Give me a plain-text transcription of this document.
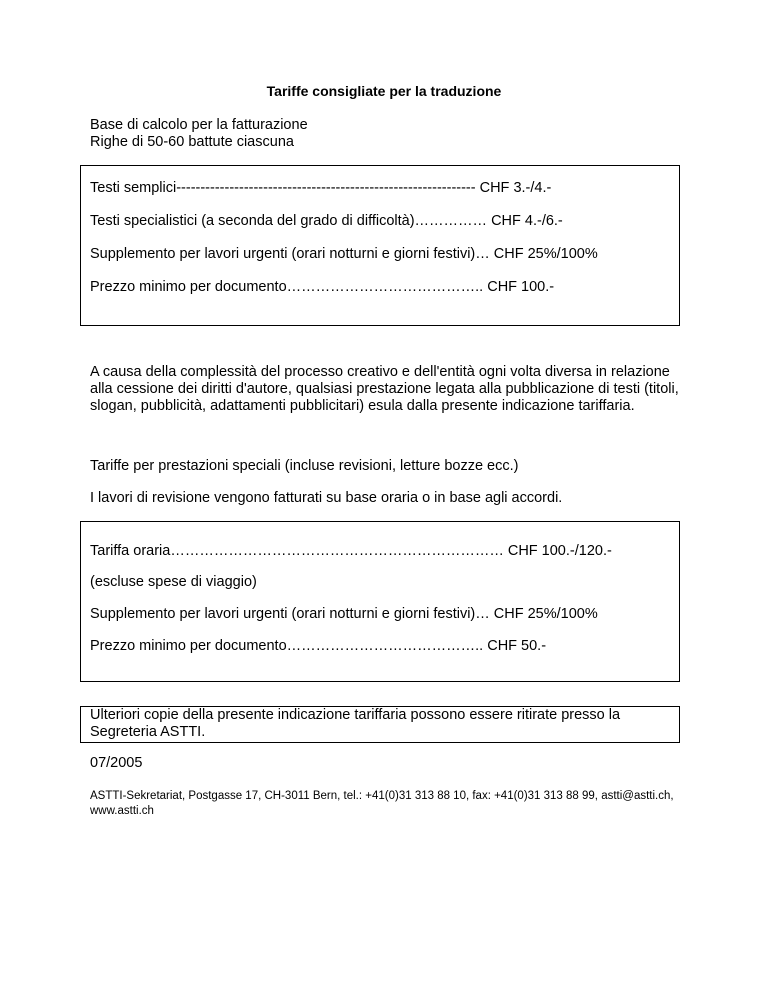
Tariffe consigliate per la traduzione
Base di calcolo per la fatturazione
Righe di 50-60 battute ciascuna
Testi semplici-------------------------------------------------------------- CHF 3.-/4.-
Testi specialistici (a seconda del grado di difficoltà)…………… CHF 4.-/6.-
Supplemento per lavori urgenti (orari notturni e giorni festivi)… CHF 25%/100%
Prezzo minimo per documento………………………………….. CHF 100.-
A causa della complessità del processo creativo e dell'entità ogni volta diversa in relazione alla cessione dei diritti d'autore, qualsiasi prestazione legata alla pubblicazione di testi (titoli, slogan, pubblicità, adattamenti pubblicitari) esula dalla presente indicazione tariffaria.
Tariffe per prestazioni speciali (incluse revisioni, letture bozze ecc.)
I lavori di revisione vengono fatturati su base oraria o in base agli accordi.
Tariffa oraria…………………………………………………………… CHF 100.-/120.-
(escluse spese di viaggio)
Supplemento per lavori urgenti (orari notturni e giorni festivi)… CHF 25%/100%
Prezzo minimo per documento………………………………….. CHF 50.-
Ulteriori copie della presente indicazione tariffaria possono essere ritirate presso la Segreteria ASTTI.
07/2005
ASTTI-Sekretariat, Postgasse 17, CH-3011 Bern, tel.: +41(0)31 313 88 10, fax: +41(0)31 313 88 99, astti@astti.ch, www.astti.ch
